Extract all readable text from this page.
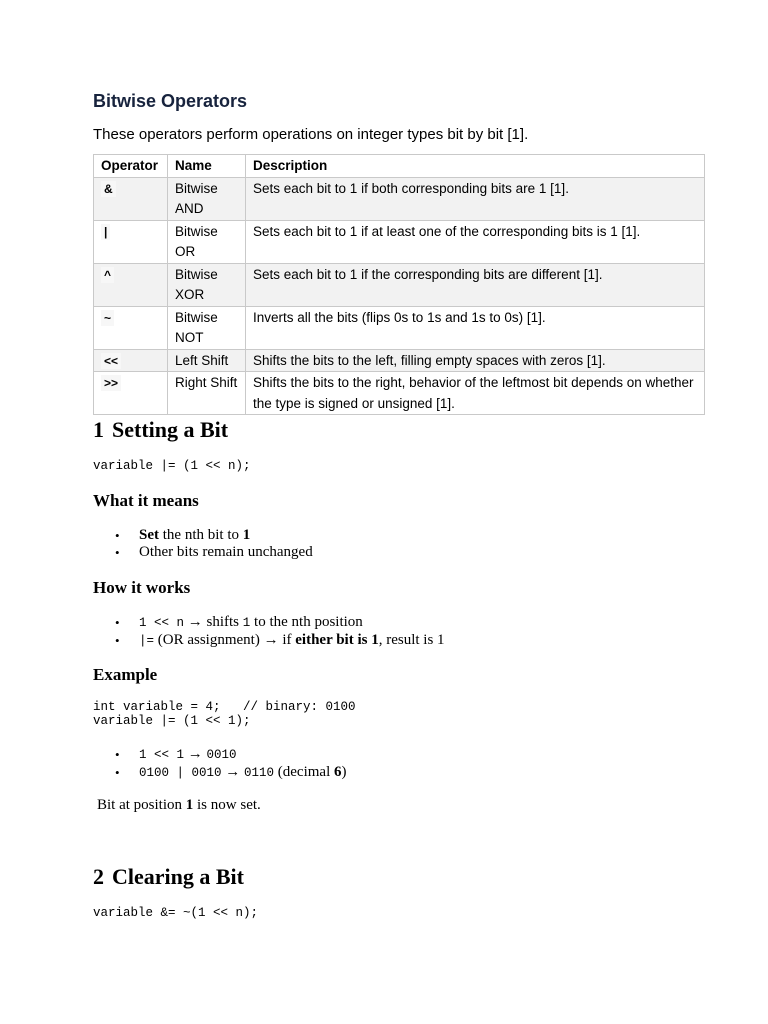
Bitwise Operators

These operators perform operations on integer types bit by bit [1].

Operator	Name	Description
&	Bitwise AND	Sets each bit to 1 if both corresponding bits are 1 [1].
|	Bitwise OR	Sets each bit to 1 if at least one of the corresponding bits is 1 [1].
^	Bitwise XOR	Sets each bit to 1 if the corresponding bits are different [1].
~	Bitwise NOT	Inverts all the bits (flips 0s to 1s and 1s to 0s) [1].
<<	Left Shift	Shifts the bits to the left, filling empty spaces with zeros [1].
>>	Right Shift	Shifts the bits to the right, behavior of the leftmost bit depends on whether the type is signed or unsigned [1].
1 Setting a Bit
variable |= (1 << n);
What it means
• Set the nth bit to 1
• Other bits remain unchanged
How it works
• 1 << n → shifts 1 to the nth position
• |= (OR assignment) → if either bit is 1, result is 1
Example
int variable = 4;   // binary: 0100
variable |= (1 << 1);
• 1 << 1 → 0010
• 0100 | 0010 → 0110 (decimal 6)

Bit at position 1 is now set.

2 Clearing a Bit
variable &= ~(1 << n);
